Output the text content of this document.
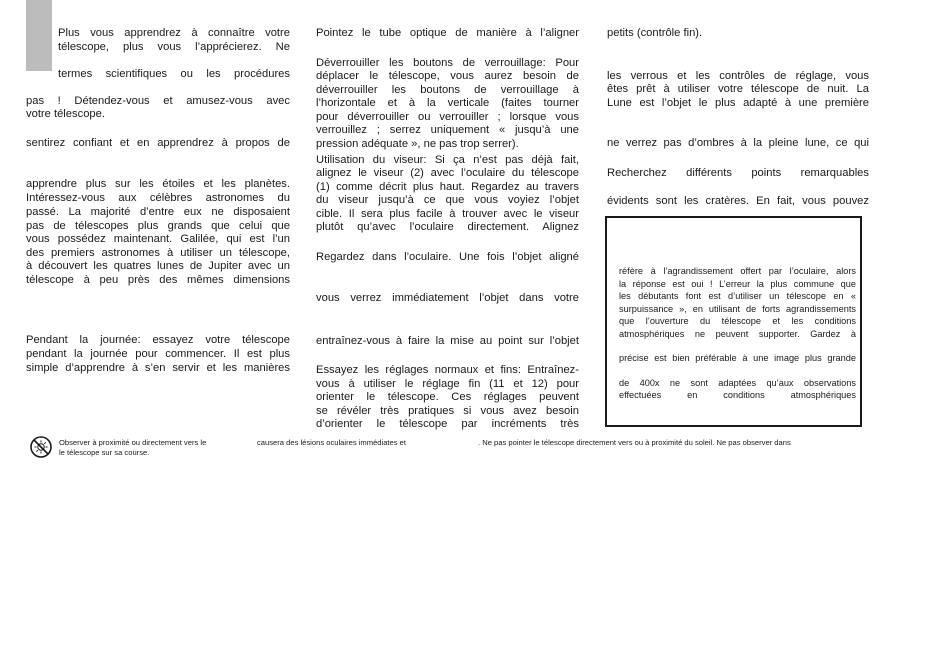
Plus vous apprendrez à connaître votre
télescope, plus vous l’apprécierez. Ne
termes scientifiques ou les procédures
pas ! Détendez-vous et amusez-vous avec
votre télescope.
sentirez confiant et en apprendrez à propos de
apprendre plus sur les étoiles et les planètes.
Intéressez-vous aux célèbres astronomes du
passé. La majorité d’entre eux ne disposaient
pas de télescopes plus grands que celui que
vous possédez maintenant. Galilée, qui est l’un
des premiers astronomes à utiliser un télescope,
à découvert les quatres lunes de Jupiter avec un
télescope à peu près des mêmes dimensions
Pendant la journée: essayez votre télescope
pendant la journée pour commencer. Il est plus
simple d’apprendre à s’en servir et les manières
Pointez le tube optique de manière à l’aligner
Déverrouiller les boutons de verrouillage: Pour
déplacer le télescope, vous aurez besoin de
déverrouiller les boutons de verrouillage à
l’horizontale et à la verticale (faites tourner
pour déverrouiller ou verrouiller ; lorsque vous
verrouillez ; serrez uniquement « jusqu’à une
pression adéquate », ne pas trop serrer).
Utilisation du viseur: Si ça n’est pas déjà fait,
alignez le viseur (2) avec l’oculaire du télescope
(1) comme décrit plus haut. Regardez au travers
du viseur jusqu’à ce que vous voyiez l’objet
cible. Il sera plus facile à trouver avec le viseur
plutôt qu’avec l’oculaire directement. Alignez
Regardez dans l’oculaire. Une fois l’objet aligné
vous verrez immédiatement l’objet dans votre
entraînez-vous à faire la mise au point sur l’objet
Essayez les réglages normaux et fins: Entraînez-
vous à utiliser le réglage fin (11 et 12) pour
orienter le télescope. Ces réglages peuvent
se révéler très pratiques si vous avez besoin
d’orienter le télescope par incréments très
petits (contrôle fin).
les verrous et les contrôles de réglage, vous
êtes prêt à utiliser votre télescope de nuit. La
Lune est l’objet le plus adapté à une première
ne verrez pas d’ombres à la pleine lune, ce qui
Recherchez différents points remarquables
évidents sont les cratères. En fait, vous pouvez
réfère à l’agrandissement offert par l’oculaire, alors
la réponse est oui ! L’erreur la plus commune que
les débutants font est d’utiliser un télescope en «
surpuissance », en utilisant de forts agrandissements
que l’ouverture du télescope et les conditions
atmosphériques ne peuvent supporter. Gardez à
précise est bien préférable à une image plus grande
de 400x ne sont adaptées qu’aux observations
effectuées en conditions atmosphériques
Observer à proximité ou directement vers le	causera des lésions oculaires immédiates et	. Ne pas pointer le télescope directement vers ou à proximité du soleil. Ne pas observer dans
le télescope sur sa course.
